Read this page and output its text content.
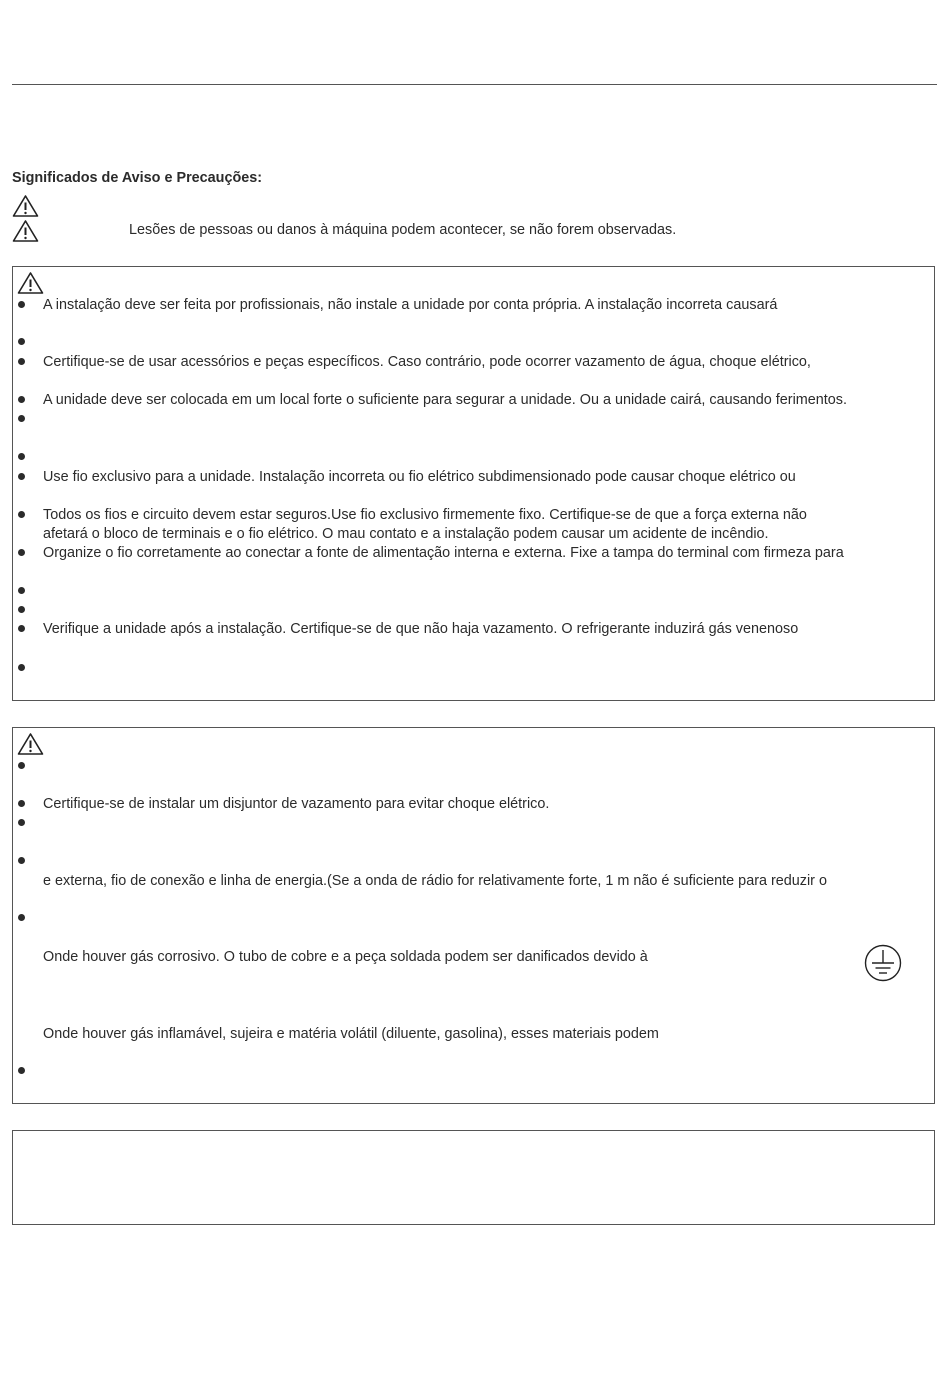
Significados de Aviso e Precauções:
Lesões de pessoas ou danos à máquina podem acontecer, se não forem observadas.
A instalação deve ser feita por profissionais, não instale a unidade por conta própria. A instalação incorreta causará
Certifique-se de usar acessórios e peças específicos. Caso contrário, pode ocorrer vazamento de água, choque elétrico,
A unidade deve ser colocada em um local forte o suficiente para segurar a unidade. Ou a unidade cairá, causando ferimentos.
Use fio exclusivo para a unidade. Instalação incorreta ou fio elétrico subdimensionado pode causar choque elétrico ou
Todos os fios e circuito devem estar seguros.Use fio exclusivo firmemente fixo. Certifique-se de que a força externa não
afetará o bloco de terminais e o fio elétrico. O mau contato e a instalação podem causar um acidente de incêndio.
Organize o fio corretamente ao conectar a fonte de alimentação interna e externa. Fixe a tampa do terminal com firmeza para
Verifique a unidade após a instalação. Certifique-se de que não haja vazamento. O refrigerante induzirá gás venenoso
Certifique-se de instalar um disjuntor de vazamento para evitar choque elétrico.
e externa, fio de conexão e linha de energia.(Se a onda de rádio for relativamente forte, 1 m não é suficiente para reduzir o
Onde houver gás corrosivo. O tubo de cobre e a peça soldada podem ser danificados devido à
Onde houver gás inflamável, sujeira e matéria volátil (diluente, gasolina), esses materiais podem
